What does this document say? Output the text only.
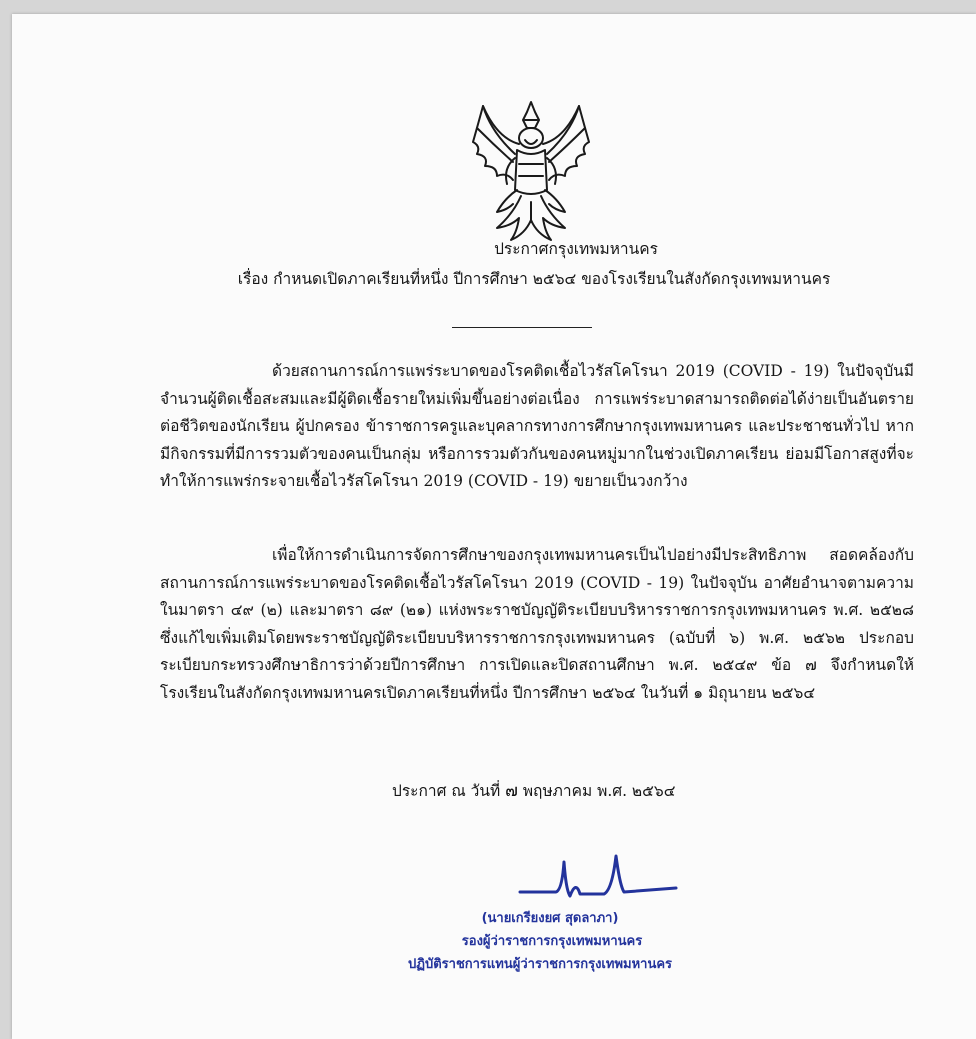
ประกาศกรุงเทพมหานคร
เรื่อง กำหนดเปิดภาคเรียนที่หนึ่ง ปีการศึกษา ๒๕๖๔ ของโรงเรียนในสังกัดกรุงเทพมหานคร

ด้วยสถานการณ์การแพร่ระบาดของโรคติดเชื้อไวรัสโคโรนา 2019 (COVID - 19) ในปัจจุบันมีจำนวนผู้ติดเชื้อสะสมและมีผู้ติดเชื้อรายใหม่เพิ่มขึ้นอย่างต่อเนื่อง การแพร่ระบาดสามารถติดต่อได้ง่ายเป็นอันตรายต่อชีวิตของนักเรียน ผู้ปกครอง ข้าราชการครูและบุคลากรทางการศึกษากรุงเทพมหานคร และประชาชนทั่วไป หากมีกิจกรรมที่มีการรวมตัวของคนเป็นกลุ่ม หรือการรวมตัวกันของคนหมู่มากในช่วงเปิดภาคเรียน ย่อมมีโอกาสสูงที่จะทำให้การแพร่กระจายเชื้อไวรัสโคโรนา 2019 (COVID - 19) ขยายเป็นวงกว้าง

เพื่อให้การดำเนินการจัดการศึกษาของกรุงเทพมหานครเป็นไปอย่างมีประสิทธิภาพ สอดคล้องกับสถานการณ์การแพร่ระบาดของโรคติดเชื้อไวรัสโคโรนา 2019 (COVID - 19) ในปัจจุบัน อาศัยอำนาจตามความในมาตรา ๔๙ (๒) และมาตรา ๘๙ (๒๑) แห่งพระราชบัญญัติระเบียบบริหารราชการกรุงเทพมหานคร พ.ศ. ๒๕๒๘ ซึ่งแก้ไขเพิ่มเติมโดยพระราชบัญญัติระเบียบบริหารราชการกรุงเทพมหานคร (ฉบับที่ ๖) พ.ศ. ๒๕๖๒ ประกอบระเบียบกระทรวงศึกษาธิการว่าด้วยปีการศึกษา การเปิดและปิดสถานศึกษา พ.ศ. ๒๕๔๙ ข้อ ๗ จึงกำหนดให้โรงเรียนในสังกัดกรุงเทพมหานครเปิดภาคเรียนที่หนึ่ง ปีการศึกษา ๒๕๖๔ ในวันที่ ๑ มิถุนายน ๒๕๖๔

ประกาศ ณ วันที่ ๗ พฤษภาคม พ.ศ. ๒๕๖๔
(นายเกรียงยศ สุดลาภา)
รองผู้ว่าราชการกรุงเทพมหานคร
ปฏิบัติราชการแทนผู้ว่าราชการกรุงเทพมหานคร
